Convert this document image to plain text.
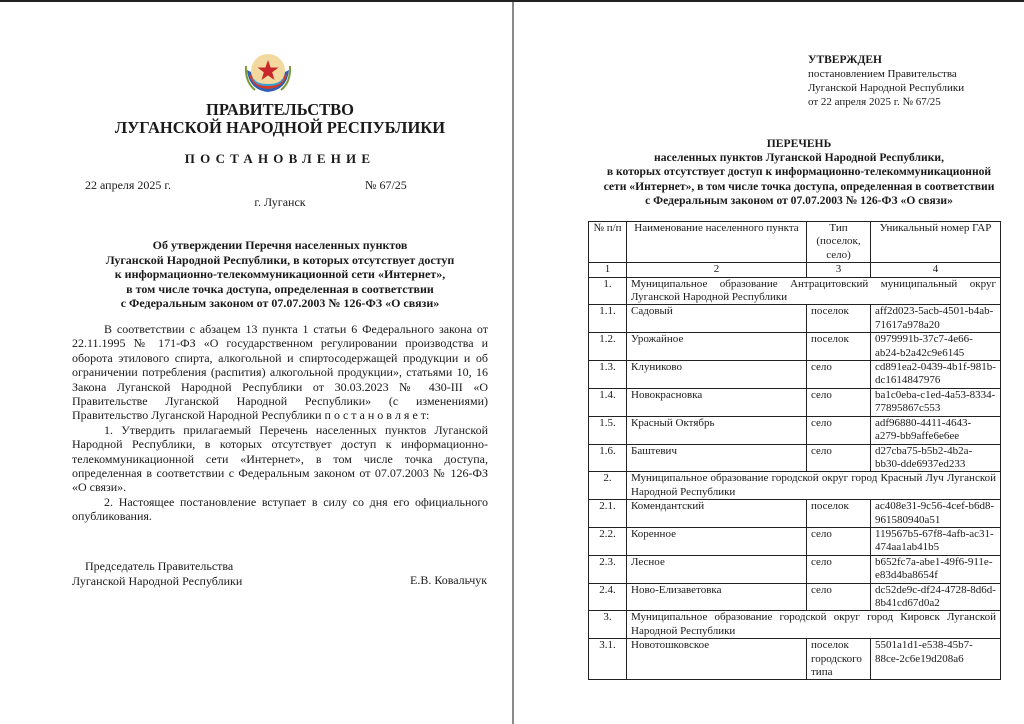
ПРАВИТЕЛЬСТВО
ЛУГАНСКОЙ НАРОДНОЙ РЕСПУБЛИКИ
ПОСТАНОВЛЕНИЕ
22 апреля 2025 г.	№ 67/25
г. Луганск
Об утверждении Перечня населенных пунктов
Луганской Народной Республики, в которых отсутствует доступ
к информационно-телекоммуникационной сети «Интернет»,
в том числе точка доступа, определенная в соответствии
с Федеральным законом от 07.07.2003 № 126-ФЗ «О связи»

В соответствии с абзацем 13 пункта 1 статьи 6 Федерального закона от 22.11.1995 № 171-ФЗ «О государственном регулировании производства и оборота этилового спирта, алкогольной и спиртосодержащей продукции и об ограничении потребления (распития) алкогольной продукции», статьями 10, 16 Закона Луганской Народной Республики от 30.03.2023 № 430-III «О Правительстве Луганской Народной Республики» (с изменениями) Правительство Луганской Народной Республики п о с т а н о в л я е т:

1. Утвердить прилагаемый Перечень населенных пунктов Луганской Народной Республики, в которых отсутствует доступ к информационно-телекоммуникационной сети «Интернет», в том числе точка доступа, определенная в соответствии с Федеральным законом от 07.07.2003 № 126-ФЗ «О связи».

2. Настоящее постановление вступает в силу со дня его официального опубликования.

Председатель Правительства
Луганской Народной Республики	Е.В. Ковальчук
УТВЕРЖДЕН
постановлением Правительства
Луганской Народной Республики
от 22 апреля 2025 г. № 67/25
ПЕРЕЧЕНЬ
населенных пунктов Луганской Народной Республики,
в которых отсутствует доступ к информационно-телекоммуникационной
сети «Интернет», в том числе точка доступа, определенная в соответствии
с Федеральным законом от 07.07.2003 № 126-ФЗ «О связи»
№ п/п	Наименование населенного пункта	Тип (поселок, село)	Уникальный номер ГАР
1	2	3	4
1.	Муниципальное образование Антрацитовский муниципальный округ Луганской Народной Республики		
1.1.	Садовый	поселок	aff2d023-5acb-4501-b4ab-71617a978a20
1.2.	Урожайное	поселок	0979991b-37c7-4e66-ab24-b2a42c9e6145
1.3.	Клуниково	село	cd891ea2-0439-4b1f-981b-dc1614847976
1.4.	Новокрасновка	село	ba1c0eba-c1ed-4a53-8334-77895867c553
1.5.	Красный Октябрь	село	adf96880-4411-4643-a279-bb9affe6e6ee
1.6.	Баштевич	село	d27cba75-b5b2-4b2a-bb30-dde6937ed233
2.	Муниципальное образование городской округ город Красный Луч Луганской Народной Республики		
2.1.	Комендантский	поселок	ac408e31-9c56-4cef-b6d8-961580940a51
2.2.	Коренное	село	119567b5-67f8-4afb-ac31-474aa1ab41b5
2.3.	Лесное	село	b652fc7a-abe1-49f6-911e-e83d4ba8654f
2.4.	Ново-Елизаветовка	село	dc52de9c-df24-4728-8d6d-8b41cd67d0a2
3.	Муниципальное образование городской округ город Кировск Луганской Народной Республики		
3.1.	Новотошковское	поселок городского типа	5501a1d1-e538-45b7-88ce-2c6e19d208a6
